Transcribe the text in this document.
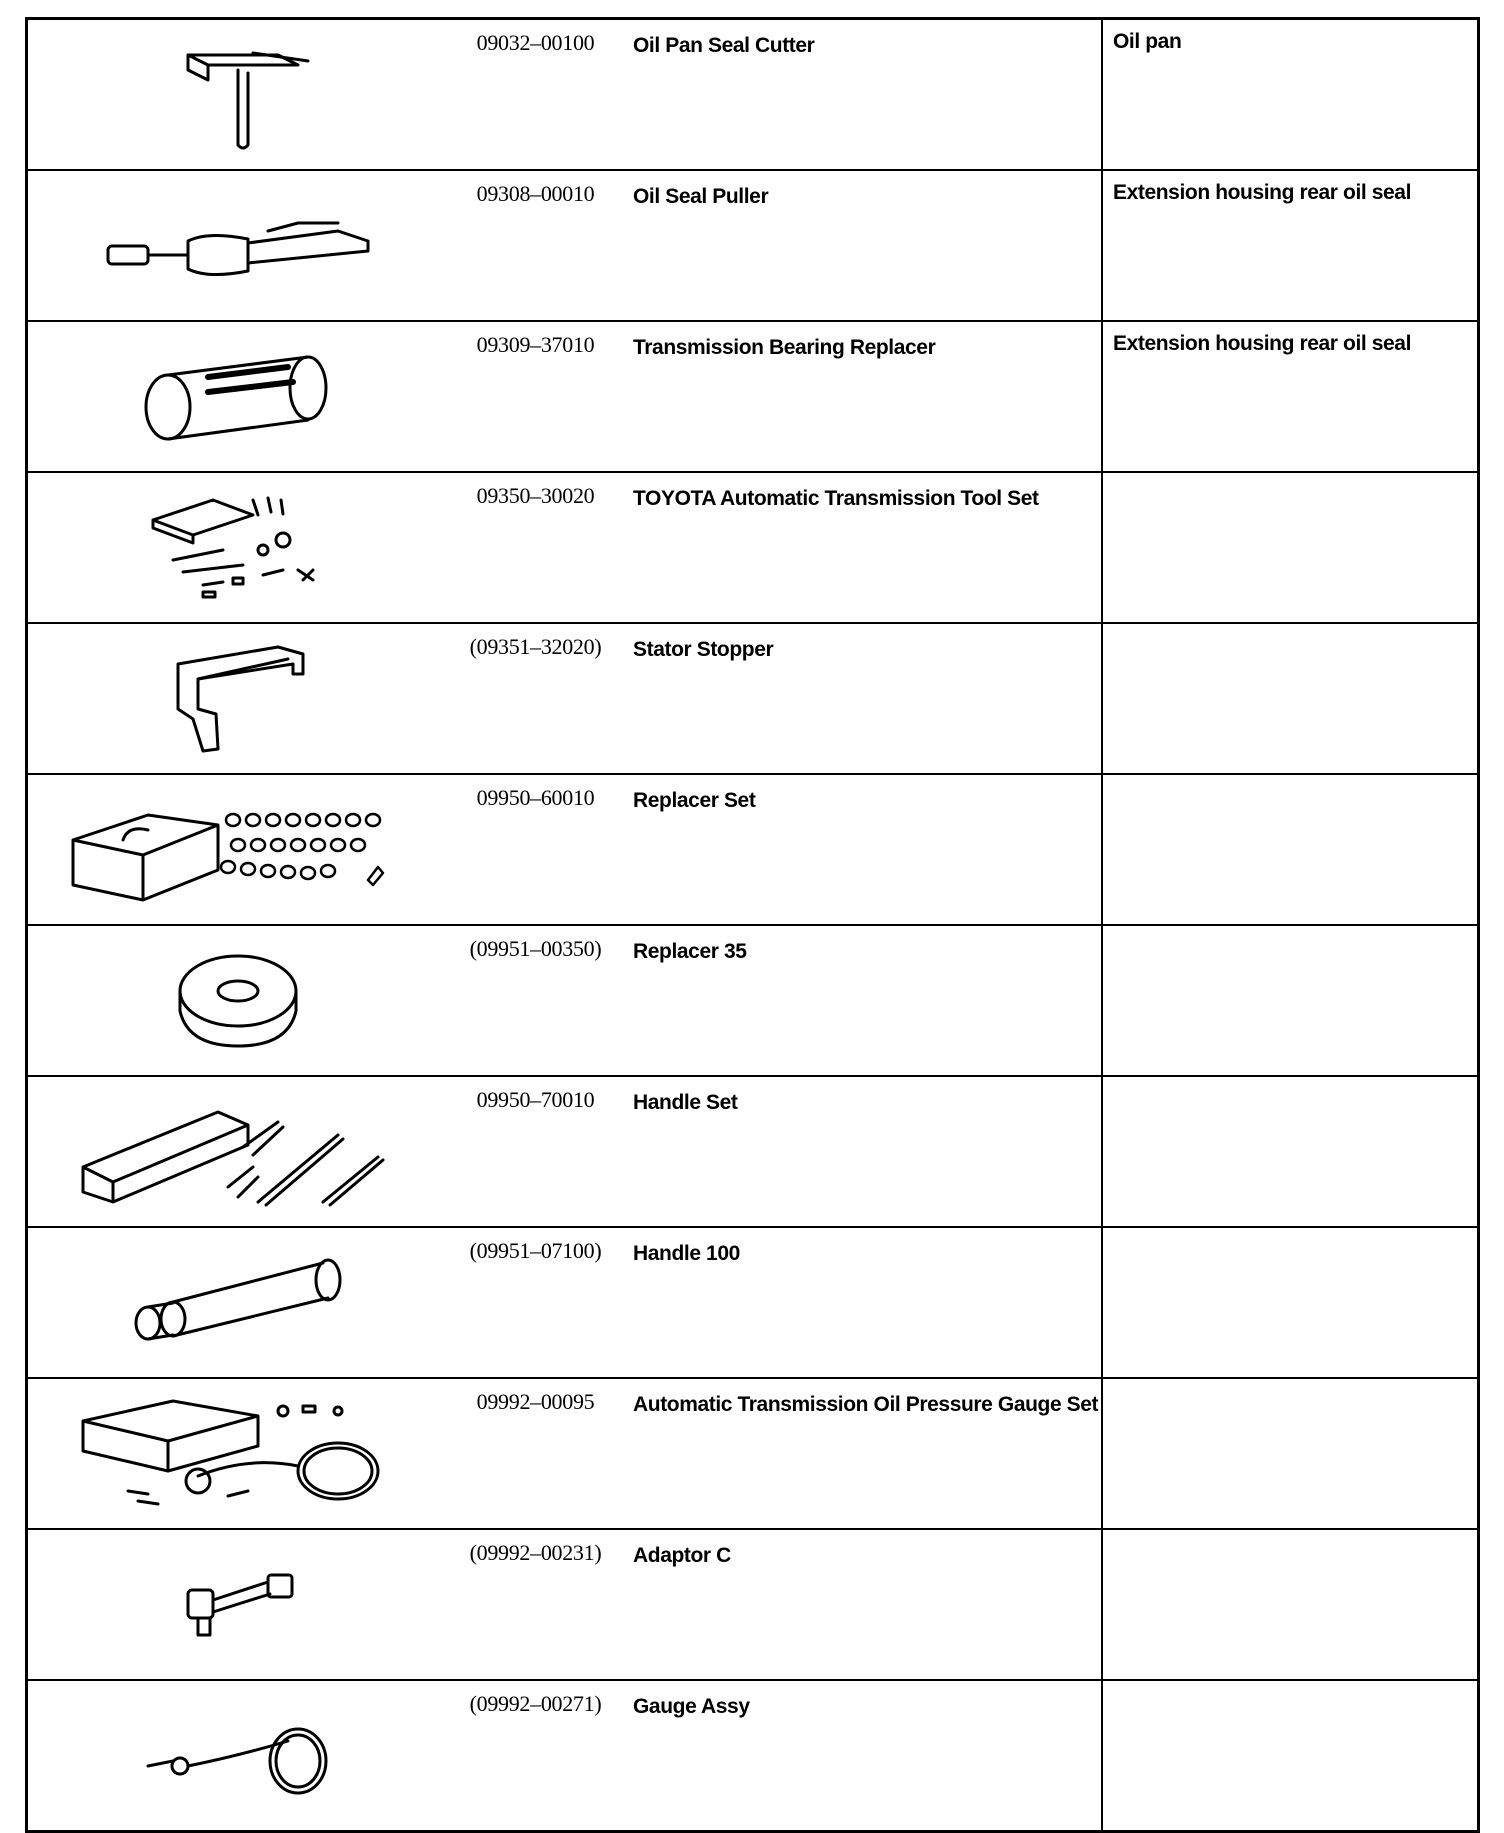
	09032–00100	Oil Pan Seal Cutter	Oil pan

	09308–00010	Oil Seal Puller	Extension housing rear oil seal

	09309–37010	Transmission Bearing Replacer	Extension housing rear oil seal

	09350–30020	TOYOTA Automatic Transmission Tool Set	

	(09351–32020)	Stator Stopper	

	09950–60010	Replacer Set	

	(09951–00350)	Replacer 35	

	09950–70010	Handle Set	

	(09951–07100)	Handle 100	

	09992–00095	Automatic Transmission Oil Pressure Gauge Set	

	(09992–00231)	Adaptor C	

	(09992–00271)	Gauge Assy	
